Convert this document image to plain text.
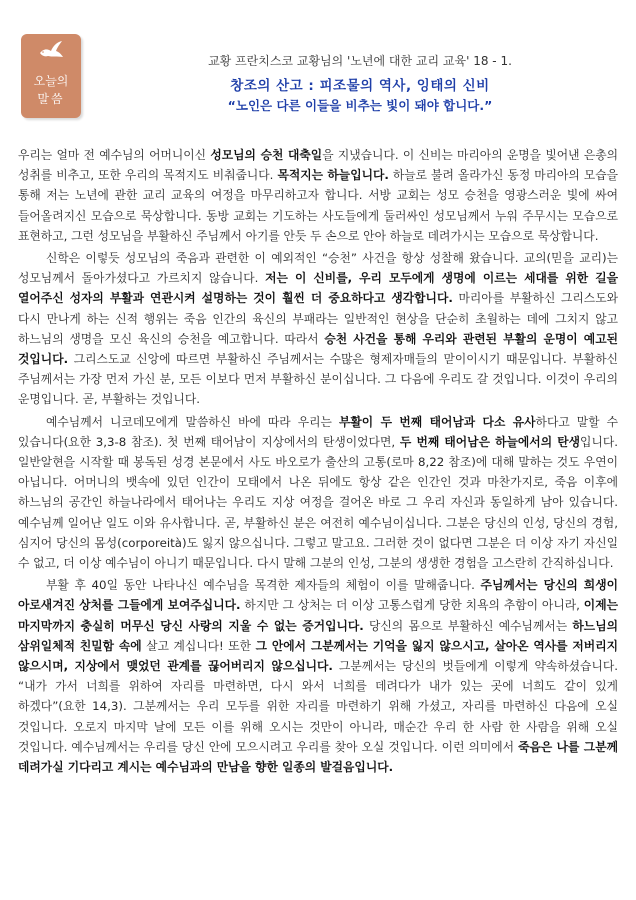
오늘의
말씀
교황 프란치스코 교황님의 '노년에 대한 교리 교육' 18 - 1.
창조의 산고 : 피조물의 역사, 잉태의 신비
“노인은 다른 이들을 비추는 빛이 돼야 합니다.”

우리는 얼마 전 예수님의 어머니이신 성모님의 승천 대축일을 지냈습니다. 이 신비는 마리아의 운명을 빛어낸 은총의 성취를 비추고, 또한 우리의 목적지도 비춰줍니다. 목적지는 하늘입니다. 하늘로 불려 올라가신 동정 마리아의 모습을 통해 저는 노년에 관한 교리 교육의 여정을 마무리하고자 합니다. 서방 교회는 성모 승천을 영광스러운 빛에 싸여 들어올려지신 모습으로 묵상합니다. 동방 교회는 기도하는 사도들에게 둘러싸인 성모님께서 누워 주무시는 모습으로 표현하고, 그런 성모님을 부활하신 주님께서 아기를 안듯 두 손으로 안아 하늘로 데려가시는 모습으로 묵상합니다.

신학은 이렇듯 성모님의 죽음과 관련한 이 예외적인 “승천” 사건을 항상 성찰해 왔습니다. 교의(믿을 교리)는 성모님께서 돌아가셨다고 가르치지 않습니다. 저는 이 신비를, 우리 모두에게 생명에 이르는 세대를 위한 길을 열어주신 성자의 부활과 연관시켜 설명하는 것이 훨씬 더 중요하다고 생각합니다. 마리아를 부활하신 그리스도와 다시 만나게 하는 신적 행위는 죽음 인간의 육신의 부패라는 일반적인 현상을 단순히 초월하는 데에 그치지 않고 하느님의 생명을 모신 육신의 승천을 예고합니다. 따라서 승천 사건을 통해 우리와 관련된 부활의 운명이 예고된 것입니다. 그리스도교 신앙에 따르면 부활하신 주님께서는 수많은 형제자매들의 맏이이시기 때문입니다. 부활하신 주님께서는 가장 먼저 가신 분, 모든 이보다 먼저 부활하신 분이십니다. 그 다음에 우리도 갈 것입니다. 이것이 우리의 운명입니다. 곧, 부활하는 것입니다.

예수님께서 니코데모에게 말씀하신 바에 따라 우리는 부활이 두 번째 태어남과 다소 유사하다고 말할 수 있습니다(요한 3,3-8 참조). 첫 번째 태어남이 지상에서의 탄생이었다면, 두 번째 태어남은 하늘에서의 탄생입니다. 일반알현을 시작할 때 봉독된 성경 본문에서 사도 바오로가 출산의 고통(로마 8,22 참조)에 대해 말하는 것도 우연이 아닙니다. 어머니의 뱃속에 있던 인간이 모태에서 나온 뒤에도 항상 같은 인간인 것과 마찬가지로, 죽음 이후에 하느님의 공간인 하늘나라에서 태어나는 우리도 지상 여정을 걸어온 바로 그 우리 자신과 동일하게 남아 있습니다. 예수님께 일어난 일도 이와 유사합니다. 곧, 부활하신 분은 여전히 예수님이십니다. 그분은 당신의 인성, 당신의 경험, 심지어 당신의 몸성(corporeità)도 잃지 않으십니다. 그렇고 말고요. 그러한 것이 없다면 그분은 더 이상 자기 자신일 수 없고, 더 이상 예수님이 아니기 때문입니다. 다시 말해 그분의 인성, 그분의 생생한 경험을 고스란히 간직하십니다.

부활 후 40일 동안 나타나신 예수님을 목격한 제자들의 체험이 이를 말해줍니다. 주님께서는 당신의 희생이 아로새겨진 상처를 그들에게 보여주십니다. 하지만 그 상처는 더 이상 고통스럽게 당한 치욕의 추함이 아니라, 이제는 마지막까지 충실히 머무신 당신 사랑의 지울 수 없는 증거입니다. 당신의 몸으로 부활하신 예수님께서는 하느님의 삼위일체적 친밀함 속에 살고 계십니다! 또한 그 안에서 그분께서는 기억을 잃지 않으시고, 살아온 역사를 저버리지 않으시며, 지상에서 맺었던 관계를 끊어버리지 않으십니다. 그분께서는 당신의 벗들에게 이렇게 약속하셨습니다. “내가 가서 너희를 위하여 자리를 마련하면, 다시 와서 너희를 데려다가 내가 있는 곳에 너희도 같이 있게 하겠다”(요한 14,3). 그분께서는 우리 모두를 위한 자리를 마련하기 위해 가셨고, 자리를 마련하신 다음에 오실 것입니다. 오로지 마지막 날에 모든 이를 위해 오시는 것만이 아니라, 매순간 우리 한 사람 한 사람을 위해 오실 것입니다. 예수님께서는 우리를 당신 안에 모으시려고 우리를 찾아 오실 것입니다. 이런 의미에서 죽음은 나를 그분께 데려가실 기다리고 계시는 예수님과의 만남을 향한 일종의 발걸음입니다.
